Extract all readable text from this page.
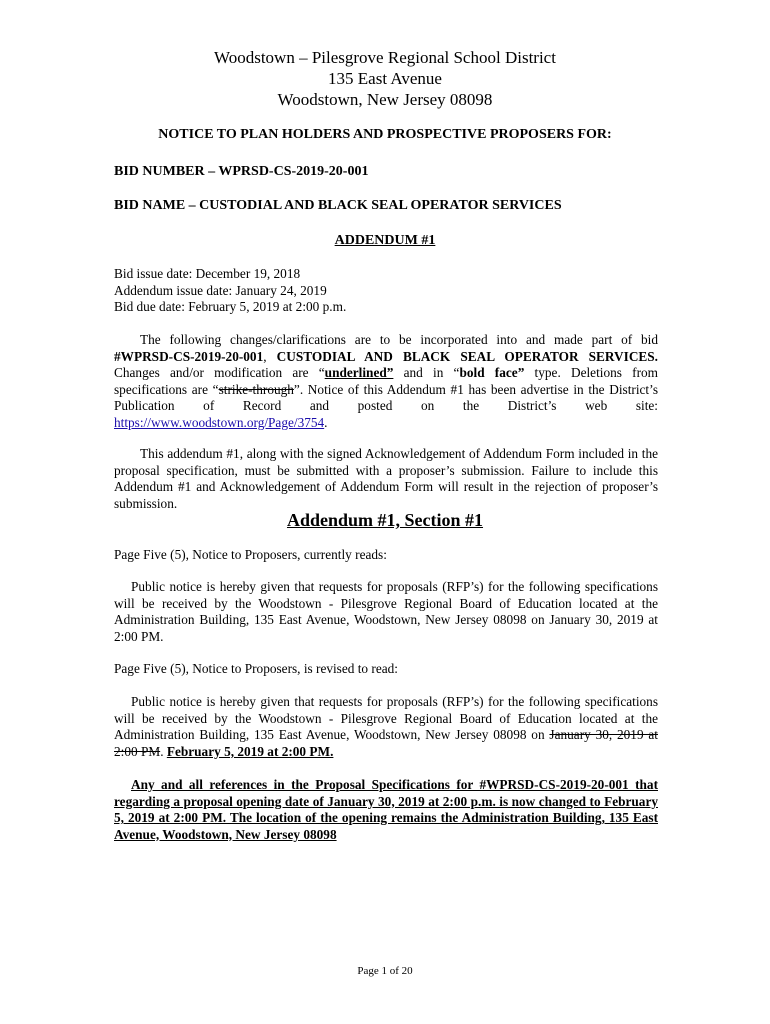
Woodstown – Pilesgrove Regional School District
135 East Avenue
Woodstown, New Jersey 08098
NOTICE TO PLAN HOLDERS AND PROSPECTIVE PROPOSERS FOR:
BID NUMBER – WPRSD-CS-2019-20-001
BID NAME – CUSTODIAL AND BLACK SEAL OPERATOR SERVICES
ADDENDUM #1
Bid issue date: December 19, 2018
Addendum issue date: January 24, 2019
Bid due date: February 5, 2019 at 2:00 p.m.
The following changes/clarifications are to be incorporated into and made part of bid
#WPRSD-CS-2019-20-001, CUSTODIAL AND BLACK SEAL OPERATOR SERVICES. Changes and/or modification are “underlined” and in “bold face” type. Deletions from specifications are “strike-through”. Notice of this Addendum #1 has been advertise in the District’s Publication of Record and posted on the District’s web site:
https://www.woodstown.org/Page/3754.
This addendum #1, along with the signed Acknowledgement of Addendum Form included in the proposal specification, must be submitted with a proposer’s submission. Failure to include this Addendum #1 and Acknowledgement of Addendum Form will result in the rejection of proposer’s submission.
Addendum #1, Section #1
Page Five (5), Notice to Proposers, currently reads:
Public notice is hereby given that requests for proposals (RFP’s) for the following specifications will be received by the Woodstown - Pilesgrove Regional Board of Education located at the Administration Building, 135 East Avenue, Woodstown, New Jersey 08098 on January 30, 2019 at 2:00 PM.
Page Five (5), Notice to Proposers, is revised to read:
Public notice is hereby given that requests for proposals (RFP’s) for the following specifications will be received by the Woodstown - Pilesgrove Regional Board of Education located at the Administration Building, 135 East Avenue, Woodstown, New Jersey 08098 on January 30, 2019 at 2:00 PM. February 5, 2019 at 2:00 PM.
Any and all references in the Proposal Specifications for #WPRSD-CS-2019-20-001 that regarding a proposal opening date of January 30, 2019 at 2:00 p.m. is now changed to February 5, 2019 at 2:00 PM. The location of the opening remains the Administration Building, 135 East Avenue, Woodstown, New Jersey 08098
Page 1 of 20
